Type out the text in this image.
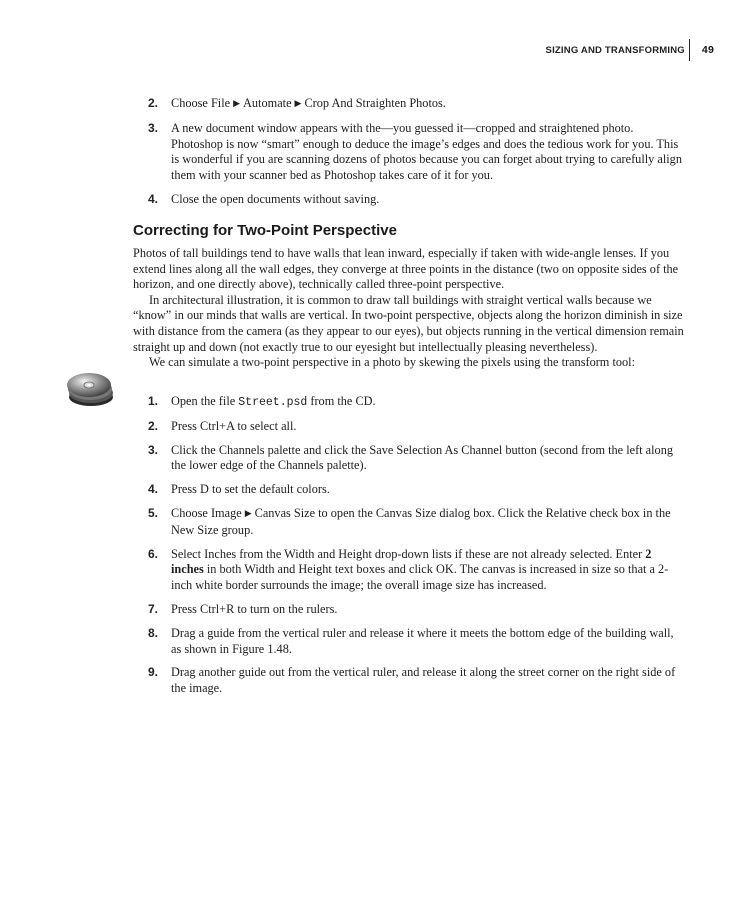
SIZING AND TRANSFORMING 49
2. Choose File ▶ Automate ▶ Crop And Straighten Photos.
3. A new document window appears with the—you guessed it—cropped and straightened photo. Photoshop is now “smart” enough to deduce the image’s edges and does the tedious work for you. This is wonderful if you are scanning dozens of photos because you can forget about trying to carefully align them with your scanner bed as Photoshop takes care of it for you.
4. Close the open documents without saving.
Correcting for Two-Point Perspective

Photos of tall buildings tend to have walls that lean inward, especially if taken with wide-angle lenses. If you extend lines along all the wall edges, they converge at three points in the distance (two on opposite sides of the horizon, and one directly above), technically called three-point perspective.

In architectural illustration, it is common to draw tall buildings with straight vertical walls because we “know” in our minds that walls are vertical. In two-point perspective, objects along the horizon diminish in size with distance from the camera (as they appear to our eyes), but objects running in the vertical dimension remain straight up and down (not exactly true to our eyesight but intellectually pleasing nevertheless).

We can simulate a two-point perspective in a photo by skewing the pixels using the transform tool:

1. Open the file Street.psd from the CD.
2. Press Ctrl+A to select all.
3. Click the Channels palette and click the Save Selection As Channel button (second from the left along the lower edge of the Channels palette).
4. Press D to set the default colors.
5. Choose Image ▶ Canvas Size to open the Canvas Size dialog box. Click the Relative check box in the New Size group.
6. Select Inches from the Width and Height drop-down lists if these are not already selected. Enter 2 inches in both Width and Height text boxes and click OK. The canvas is increased in size so that a 2-inch white border surrounds the image; the overall image size has increased.
7. Press Ctrl+R to turn on the rulers.
8. Drag a guide from the vertical ruler and release it where it meets the bottom edge of the building wall, as shown in Figure 1.48.
9. Drag another guide out from the vertical ruler, and release it along the street corner on the right side of the image.
